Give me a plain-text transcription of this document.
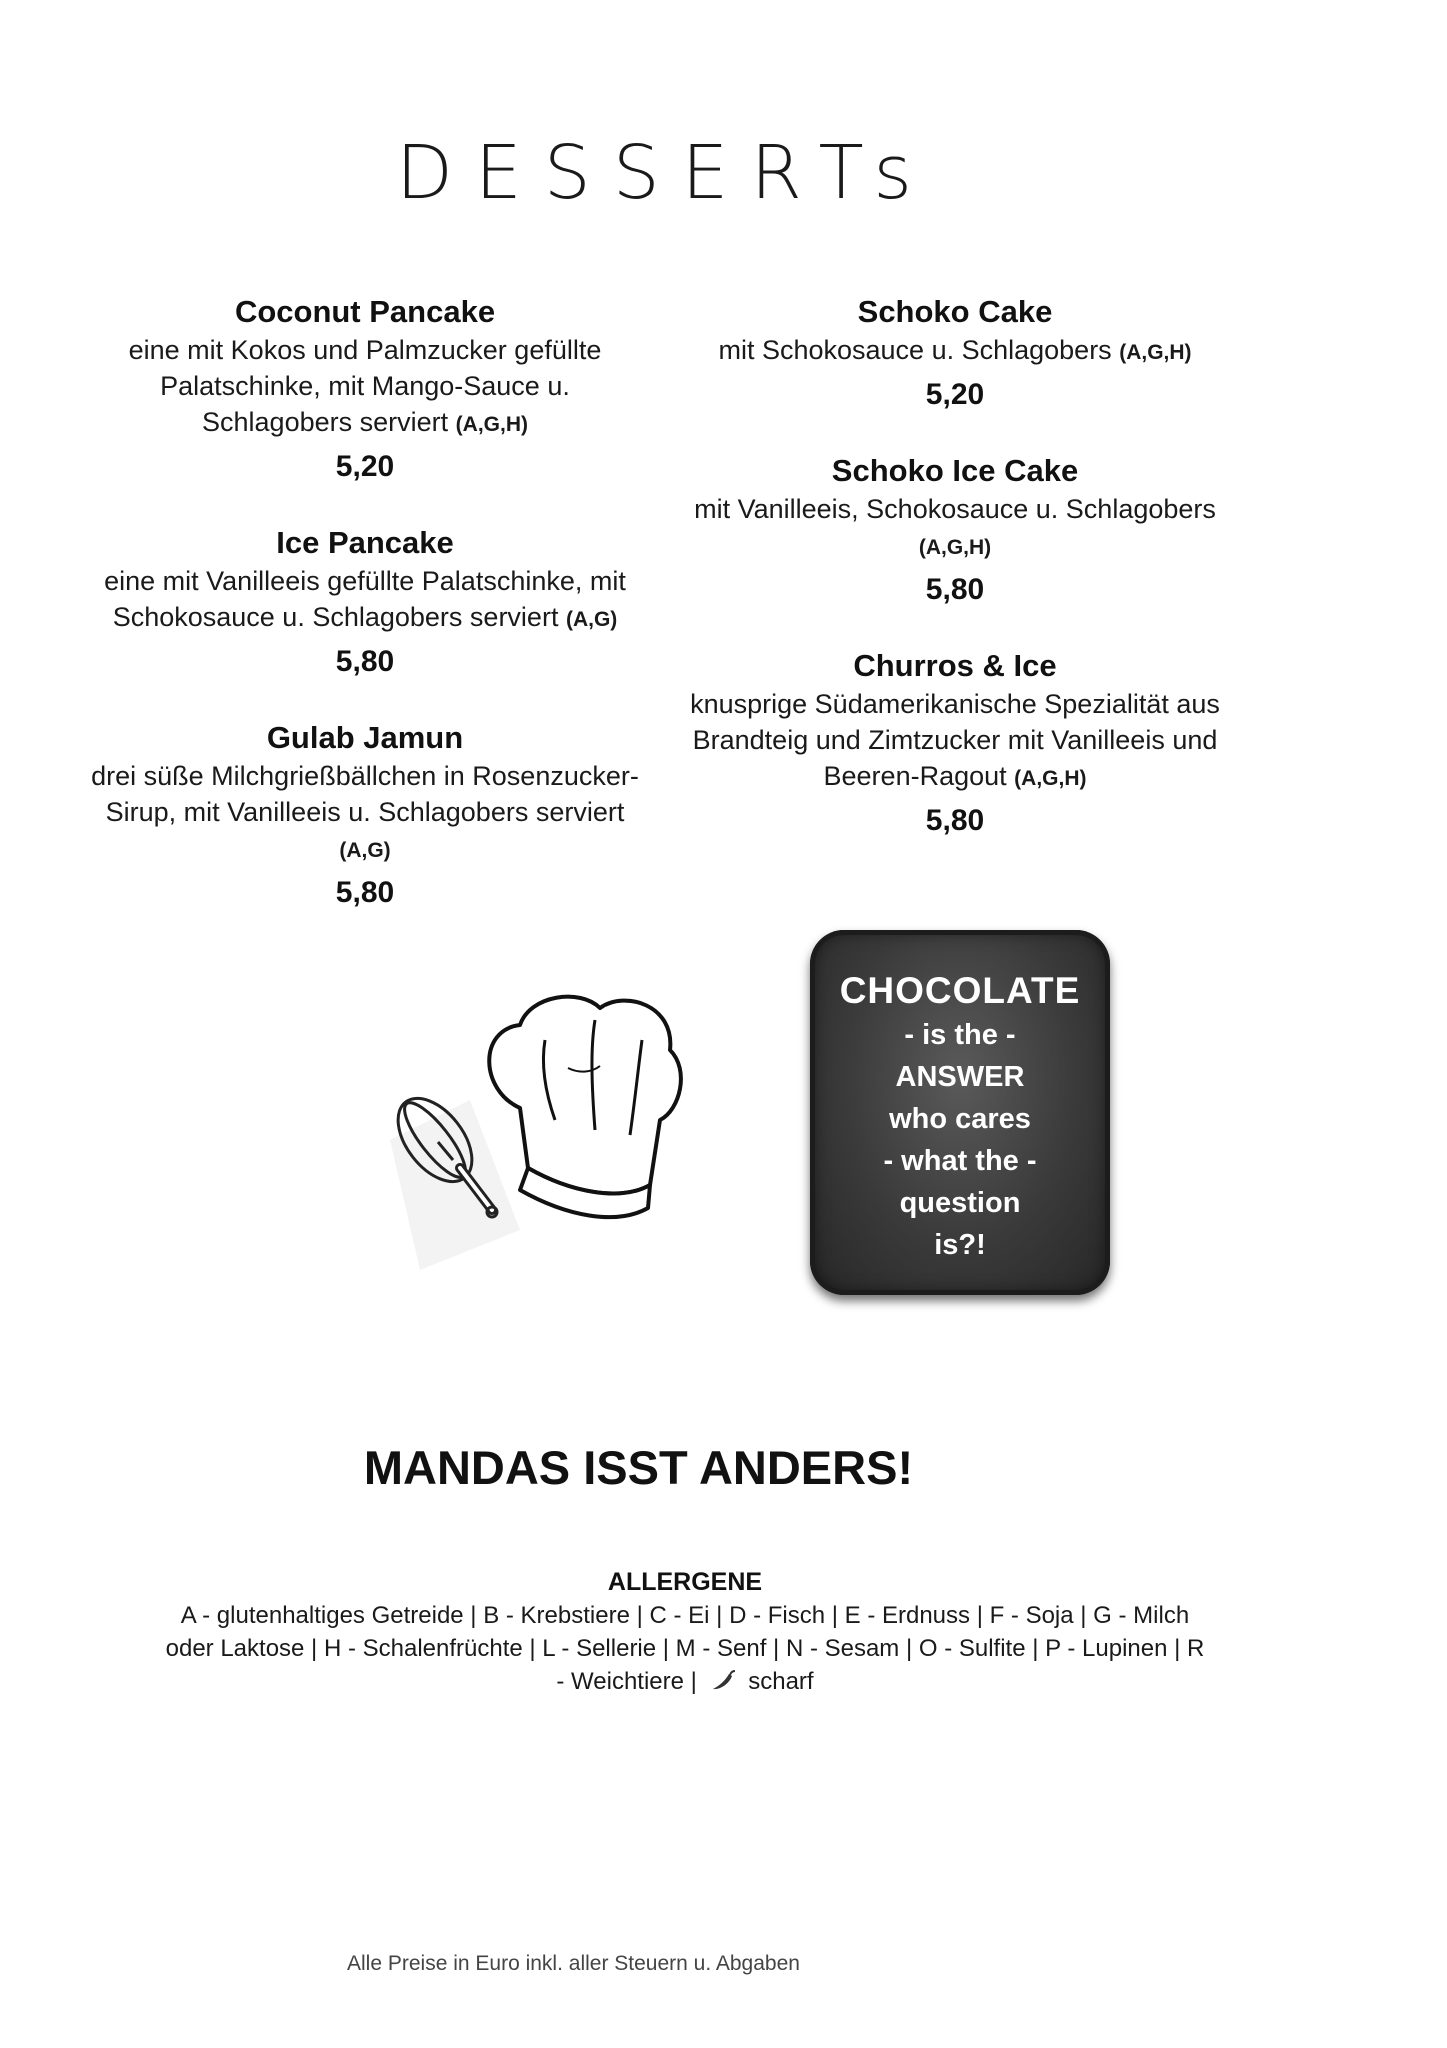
DESSERTs
Coconut Pancake
eine mit Kokos und Palmzucker gefüllte Palatschinke, mit Mango-Sauce u. Schlagobers serviert (A,G,H)
5,20
Ice Pancake
eine mit Vanilleeis gefüllte Palatschinke, mit Schokosauce u. Schlagobers serviert (A,G)
5,80
Gulab Jamun
drei süße Milchgrießbällchen in Rosenzucker-Sirup, mit Vanilleeis u. Schlagobers serviert (A,G)
5,80
Schoko Cake
mit Schokosauce u. Schlagobers (A,G,H)
5,20
Schoko Ice Cake
mit Vanilleeis, Schokosauce u. Schlagobers (A,G,H)
5,80
Churros & Ice
knusprige Südamerikanische Spezialität aus Brandteig und Zimtzucker mit Vanilleeis und Beeren-Ragout (A,G,H)
5,80
CHOCOLATE
- is the -
ANSWER
who cares
- what the -
question
is?!
MANDAS ISST ANDERS!
ALLERGENE
A - glutenhaltiges Getreide | B - Krebstiere | C - Ei | D - Fisch | E - Erdnuss | F - Soja | G - Milch oder Laktose | H - Schalenfrüchte | L - Sellerie | M - Senf | N - Sesam | O - Sulfite | P - Lupinen | R - Weichtiere | scharf
Alle Preise in Euro inkl. aller Steuern u. Abgaben
